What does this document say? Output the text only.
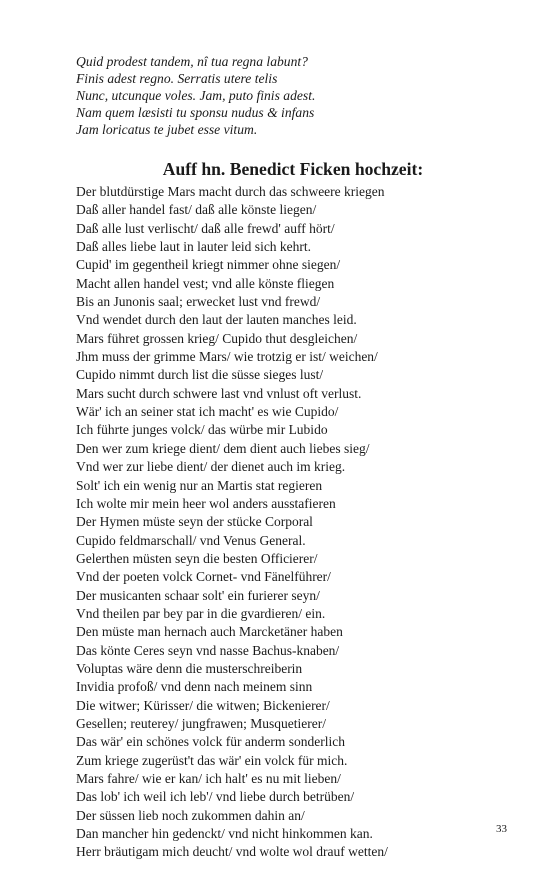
Quid prodest tandem, nî tua regna labunt?
Finis adest regno. Serratis utere telis
Nunc, utcunque voles. Jam, puto finis adest.
Nam quem læsisti tu sponsu nudus & infans
Jam loricatus te jubet esse vitum.
Auff hn. Benedict Ficken hochzeit:
Der blutdürstige Mars macht durch das schweere kriegen
Daß aller handel fast/ daß alle könste liegen/
Daß alle lust verlischt/ daß alle frewd' auff hört/
Daß alles liebe laut in lauter leid sich kehrt.
Cupid' im gegentheil kriegt nimmer ohne siegen/
Macht allen handel vest; vnd alle könste fliegen
Bis an Junonis saal; erwecket lust vnd frewd/
Vnd wendet durch den laut der lauten manches leid.
Mars führet grossen krieg/ Cupido thut desgleichen/
Jhm muss der grimme Mars/ wie trotzig er ist/ weichen/
Cupido nimmt durch list die süsse sieges lust/
Mars sucht durch schwere last vnd vnlust oft verlust.
Wär' ich an seiner stat ich macht' es wie Cupido/
Ich führte junges volck/ das würbe mir Lubido
Den wer zum kriege dient/ dem dient auch liebes sieg/
Vnd wer zur liebe dient/ der dienet auch im krieg.
Solt' ich ein wenig nur an Martis stat regieren
Ich wolte mir mein heer wol anders ausstafieren
Der Hymen müste seyn der stücke Corporal
Cupido feldmarschall/ vnd Venus General.
Gelerthen müsten seyn die besten Officierer/
Vnd der poeten volck Cornet- vnd Fänelführer/
Der musicanten schaar solt' ein furierer seyn/
Vnd theilen par bey par in die gvardieren/ ein.
Den müste man hernach auch Marcketäner haben
Das könte Ceres seyn vnd nasse Bachus-knaben/
Voluptas wäre denn die musterschreiberin
Invidia profoß/ vnd denn nach meinem sinn
Die witwer; Kürisser/ die witwen; Bickenierer/
Gesellen; reuterey/ jungfrawen; Musquetierer/
Das wär' ein schönes volck für anderm sonderlich
Zum kriege zugerüst't das wär' ein volck für mich.
Mars fahre/ wie er kan/ ich halt' es nu mit lieben/
Das lob' ich weil ich leb'/ vnd liebe durch betrüben/
Der süssen lieb noch zukommen dahin an/
Dan mancher hin gedenckt/ vnd nicht hinkommen kan.
Herr bräutigam mich deucht/ vnd wolte wol drauf wetten/
33
